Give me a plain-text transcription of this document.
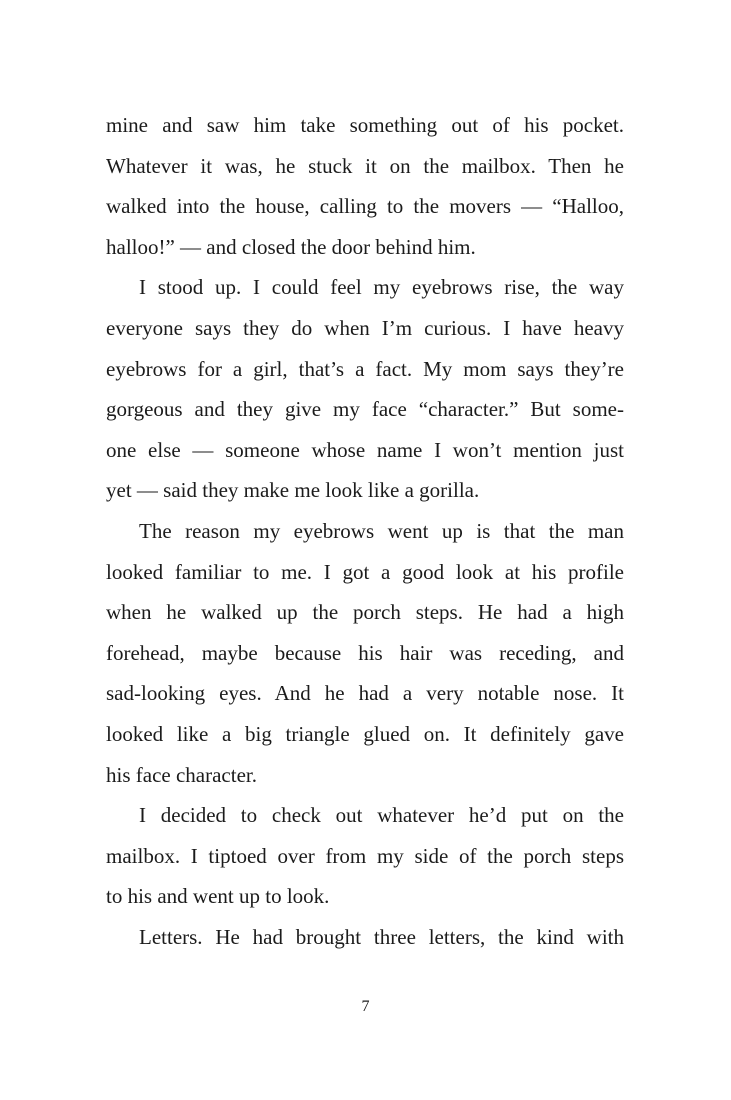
mine and saw him take something out of his pocket.
Whatever it was, he stuck it on the mailbox. Then he
walked into the house, calling to the movers — “Halloo,
halloo!” — and closed the door behind him.

I stood up. I could feel my eyebrows rise, the way
everyone says they do when I’m curious. I have heavy
eyebrows for a girl, that’s a fact. My mom says they’re
gorgeous and they give my face “character.” But some-
one else — someone whose name I won’t mention just
yet — said they make me look like a gorilla.

The reason my eyebrows went up is that the man
looked familiar to me. I got a good look at his profile
when he walked up the porch steps. He had a high
forehead, maybe because his hair was receding, and
sad-looking eyes. And he had a very notable nose. It
looked like a big triangle glued on. It definitely gave
his face character.

I decided to check out whatever he’d put on the
mailbox. I tiptoed over from my side of the porch steps
to his and went up to look.

Letters. He had brought three letters, the kind with

7
